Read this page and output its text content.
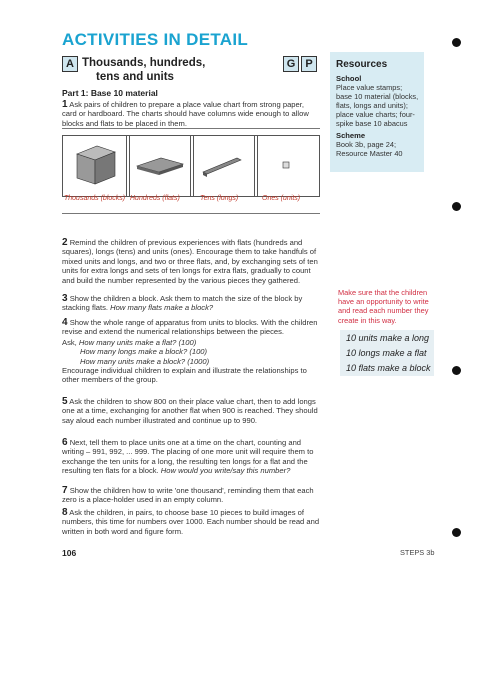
ACTIVITIES IN DETAIL
A Thousands, hundreds,
tens and units
G P
Part 1: Base 10 material
1 Ask pairs of children to prepare a place value chart from strong paper, card or hardboard. The charts should have columns wide enough to allow blocks and flats to be placed in them.
Thousands (blocks) Hundreds (flats)	Tens (longs)	Ones (units)
2 Remind the children of previous experiences with flats (hundreds and squares), longs (tens) and units (ones). Encourage them to take handfuls of mixed units and longs, and two or three flats, and, by exchanging sets of ten units for extra longs and sets of ten longs for extra flats, gradually to count and build the number represented by the various pieces they gathered.
3 Show the children a block. Ask them to match the size of the block by stacking flats. How many flats make a block?
4 Show the whole range of apparatus from units to blocks. With the children revise and extend the numerical relationships between the pieces.
Ask, How many units make a flat? (100)
How many longs make a block? (100)
How many units make a block? (1000)
Encourage individual children to explain and illustrate the relationships to other members of the group.
5 Ask the children to show 800 on their place value chart, then to add longs one at a time, exchanging for another flat when 900 is reached. They should say aloud each number illustrated and continue up to 990.
6 Next, tell them to place units one at a time on the chart, counting and writing – 991, 992, ... 999. The placing of one more unit will require them to exchange the ten units for a long, the resulting ten longs for a flat and the resulting ten flats for a block. How would you write/say this number?
7 Show the children how to write 'one thousand', reminding them that each zero is a place-holder used in an empty column.
8 Ask the children, in pairs, to choose base 10 pieces to build images of numbers, this time for numbers over 1000. Each number should be read and written in both word and figure form.
Resources
School
Place value stamps; base 10 material (blocks, flats, longs and units); place value charts; four-spike base 10 abacus
Scheme
Book 3b, page 24; Resource Master 40
Make sure that the children have an opportunity to write and read each number they create in this way.
10 units make a long
10 longs make a flat
10 flats make a block
106	STEPS 3b
